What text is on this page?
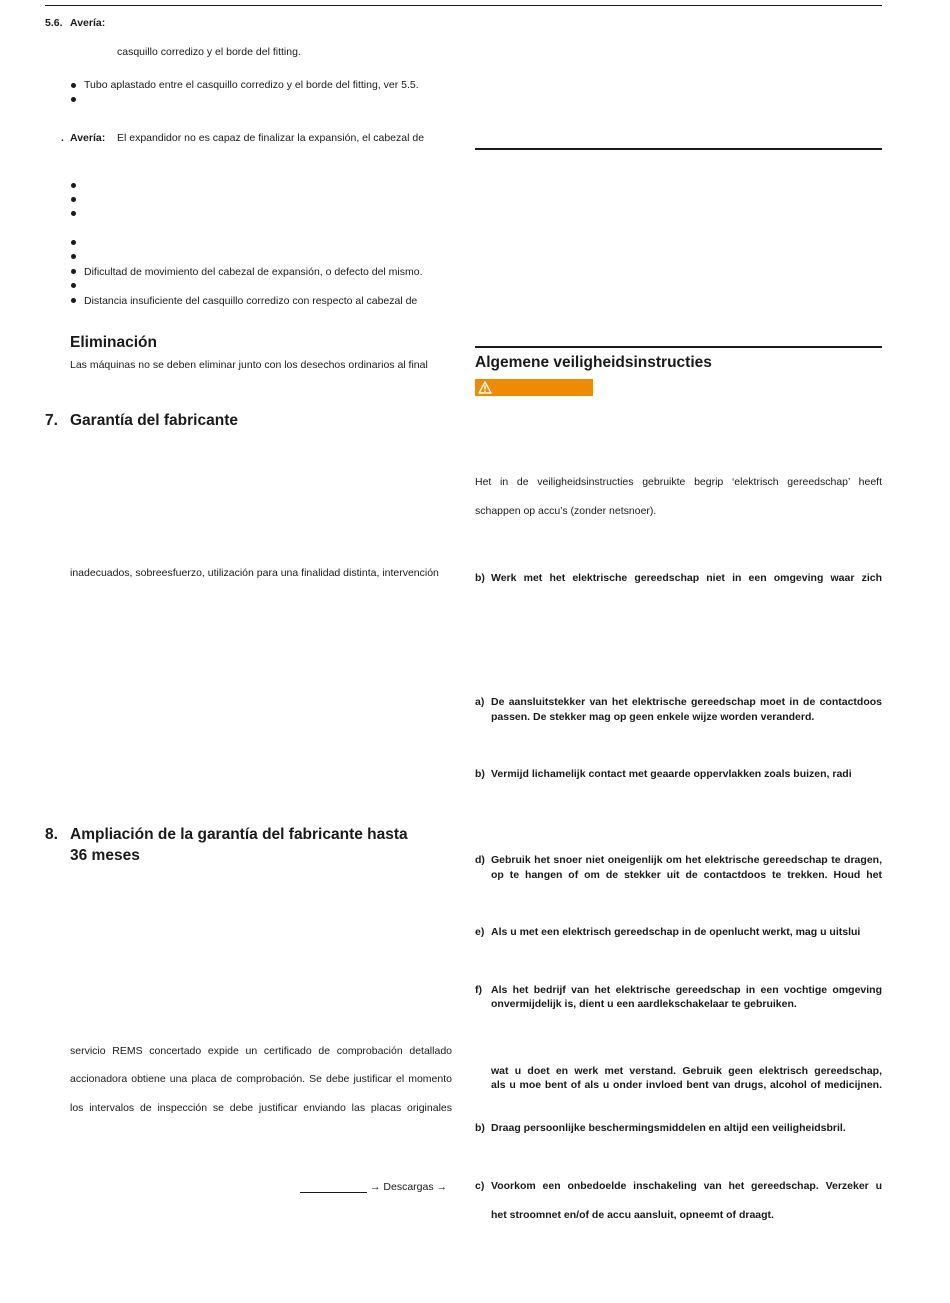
5.6. Avería:
casquillo corredizo y el borde del fitting.
Tubo aplastado entre el casquillo corredizo y el borde del fitting, ver 5.5.
. Avería: El expandidor no es capaz de finalizar la expansión, el cabezal de
Dificultad de movimiento del cabezal de expansión, o defecto del mismo.
Distancia insuficiente del casquillo corredizo con respecto al cabezal de
Eliminación
Las máquinas no se deben eliminar junto con los desechos ordinarios al final
7. Garantía del fabricante
inadecuados, sobreesfuerzo, utilización para una finalidad distinta, intervención
8. Ampliación de la garantía del fabricante hasta
36 meses
servicio REMS concertado expide un certificado de comprobación detallado
accionadora obtiene una placa de comprobación. Se debe justificar el momento
los intervalos de inspección se debe justificar enviando las placas originales
→ Descargas →
Algemene veiligheidsinstructies
Het in de veiligheidsinstructies gebruikte begrip ‘elektrisch gereedschap’ heeft
schappen op accu’s (zonder netsnoer).
b) Werk met het elektrische gereedschap niet in een omgeving waar zich
a) De aansluitstekker van het elektrische gereedschap moet in de contactdoos
passen. De stekker mag op geen enkele wijze worden veranderd.
b) Vermijd lichamelijk contact met geaarde oppervlakken zoals buizen, radi
d) Gebruik het snoer niet oneigenlijk om het elektrische gereedschap te dragen,
op te hangen of om de stekker uit de contactdoos te trekken. Houd het
e) Als u met een elektrisch gereedschap in de openlucht werkt, mag u uitslui
f) Als het bedrijf van het elektrische gereedschap in een vochtige omgeving
onvermijdelijk is, dient u een aardlekschakelaar te gebruiken.
wat u doet en werk met verstand. Gebruik geen elektrisch gereedschap,
als u moe bent of als u onder invloed bent van drugs, alcohol of medicijnen.
b) Draag persoonlijke beschermingsmiddelen en altijd een veiligheidsbril.
c) Voorkom een onbedoelde inschakeling van het gereedschap. Verzeker u
het stroomnet en/of de accu aansluit, opneemt of draagt.
